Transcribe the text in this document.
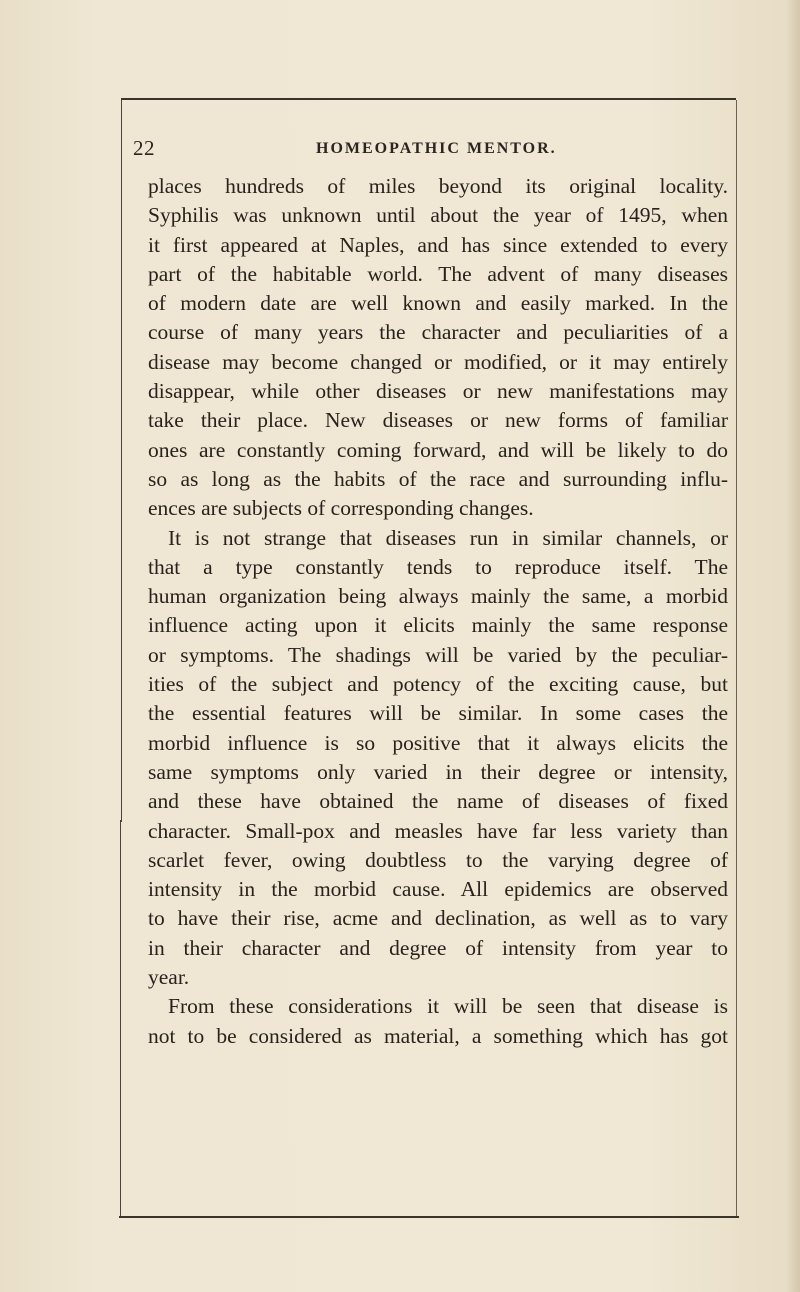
22	HOMEOPATHIC MENTOR.
places hundreds of miles beyond its original locality.
Syphilis was unknown until about the year of 1495, when
it first appeared at Naples, and has since extended to every
part of the habitable world. The advent of many diseases
of modern date are well known and easily marked. In the
course of many years the character and peculiarities of a
disease may become changed or modified, or it may entirely
disappear, while other diseases or new manifestations may
take their place. New diseases or new forms of familiar
ones are constantly coming forward, and will be likely to do
so as long as the habits of the race and surrounding influ-
ences are subjects of corresponding changes.
It is not strange that diseases run in similar channels, or
that a type constantly tends to reproduce itself. The
human organization being always mainly the same, a morbid
influence acting upon it elicits mainly the same response
or symptoms. The shadings will be varied by the peculiar-
ities of the subject and potency of the exciting cause, but
the essential features will be similar. In some cases the
morbid influence is so positive that it always elicits the
same symptoms only varied in their degree or intensity,
and these have obtained the name of diseases of fixed
character. Small-pox and measles have far less variety than
scarlet fever, owing doubtless to the varying degree of
intensity in the morbid cause. All epidemics are observed
to have their rise, acme and declination, as well as to vary
in their character and degree of intensity from year to
year.
From these considerations it will be seen that disease is
not to be considered as material, a something which has got
